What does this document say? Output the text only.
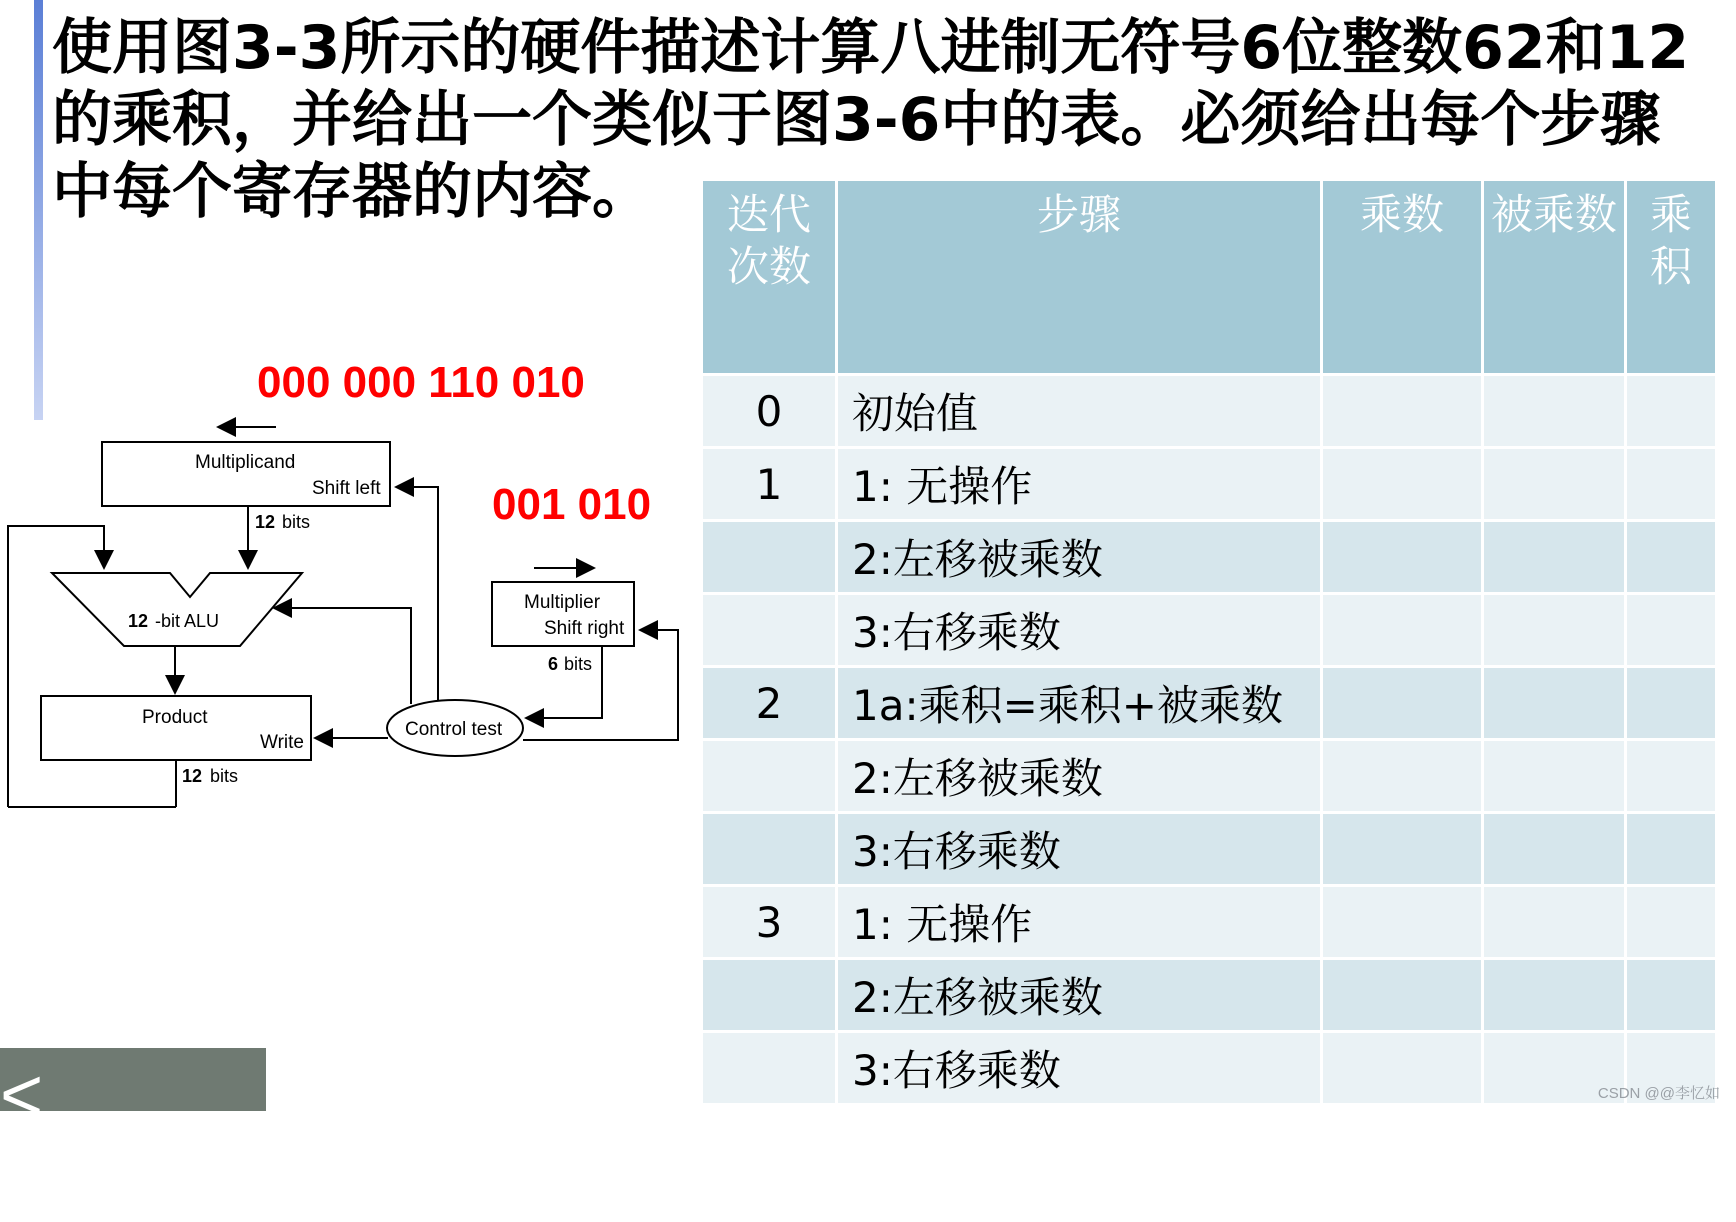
使用图3-3所示的硬件描述计算八进制无符号6位整数62和12的乘积，并给出一个类似于图3-6中的表。必须给出每个步骤中每个寄存器的内容。

000 000 110 010
001 010
Multiplicand
Shift left
12 bits
12 -bit ALU
Product
Write
12 bits
Control test
Multiplier
Shift right
6 bits
迭代次数	步骤	乘数	被乘数	乘积
0	初始值			
1	1: 无操作			
	2:左移被乘数			
	3:右移乘数			
2	1a:乘积=乘积+被乘数			
	2:左移被乘数			
	3:右移乘数			
3	1: 无操作			
	2:左移被乘数			
	3:右移乘数			
< MK
CSDN @@李忆如
